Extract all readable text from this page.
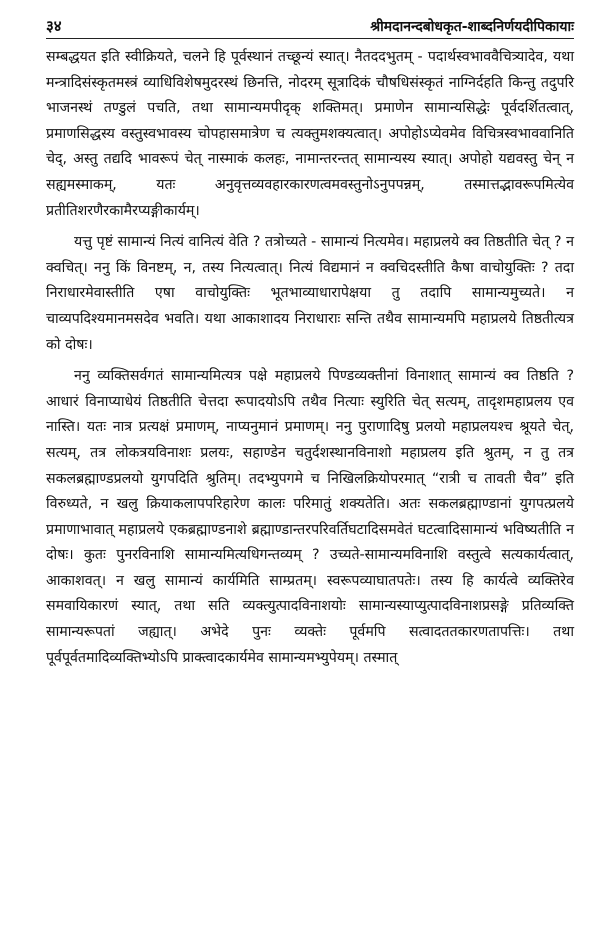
३४	श्रीमदानन्दबोधकृत-शाब्दनिर्णयदीपिकायाः

सम्बद्धयत इति स्वीक्रियते, चलने हि पूर्वस्थानं तच्छून्यं स्यात्। नैतददभुतम् - पदार्थस्वभाववैचित्र्यादेव, यथा मन्त्रादिसंस्कृतमस्त्रं व्याधिविशेषमुदरस्थं छिनत्ति, नोदरम् सूत्रादिकं चौषधिसंस्कृतं नाग्निर्दहति किन्तु तदुपरि भाजनस्थं तण्डुलं पचति, तथा सामान्यमपीदृक् शक्तिमत्। प्रमाणेन सामान्यसिद्धेः पूर्वदर्शितत्वात्, प्रमाणसिद्धस्य वस्तुस्वभावस्य चोपहासमात्रेण च त्यक्तुमशक्यत्वात्। अपोहोऽप्येवमेव विचित्रस्वभाववानिति चेद्, अस्तु तद्यदि भावरूपं चेत् नास्माकं कलहः, नामान्तरन्तत् सामान्यस्य स्यात्। अपोहो यद्यवस्तु चेन् न सह्यमस्माकम्, यतः अनुवृत्तव्यवहारकारणत्वमवस्तुनोऽनुपपन्नम्, तस्मात्तद्भावरूपमित्येव प्रतीतिशरणैरकामैरप्यङ्गीकार्यम्।

यत्तु पृष्टं सामान्यं नित्यं वानित्यं वेति ? तत्रोच्यते - सामान्यं नित्यमेव। महाप्रलये क्व तिष्ठतीति चेत् ? न क्वचित्। ननु किं विनष्टम्, न, तस्य नित्यत्वात्। नित्यं विद्यमानं न क्वचिदस्तीति कैषा वाचोयुक्तिः ? तदा निराधारमेवास्तीति एषा वाचोयुक्तिः भूतभाव्याधारापेक्षया तु तदापि सामान्यमुच्यते। न चाव्यपदिश्यमानमसदेव भवति। यथा आकाशादय निराधाराः सन्ति तथैव सामान्यमपि महाप्रलये तिष्ठतीत्यत्र को दोषः।

ननु व्यक्तिसर्वगतं सामान्यमित्यत्र पक्षे महाप्रलये पिण्डव्यक्तीनां विनाशात् सामान्यं क्व तिष्ठति ? आधारं विनाप्याधेयं तिष्ठतीति चेत्तदा रूपादयोऽपि तथैव नित्याः स्युरिति चेत् सत्यम्, तादृशमहाप्रलय एव नास्ति। यतः नात्र प्रत्यक्षं प्रमाणम्, नाप्यनुमानं प्रमाणम्। ननु पुराणादिषु प्रलयो महाप्रलयश्च श्रूयते चेत्, सत्यम्, तत्र लोकत्रयविनाशः प्रलयः, सहाण्डेन चतुर्दशस्थानविनाशो महाप्रलय इति श्रुतम्, न तु तत्र सकलब्रह्माण्डप्रलयो युगपदिति श्रुतिम्। तदभ्युपगमे च निखिलक्रियोपरमात् “रात्री च तावती चैव” इति विरुध्यते, न खलु क्रियाकलापपरिहारेण कालः परिमातुं शक्यतेति। अतः सकलब्रह्माण्डानां युगपत्प्रलये प्रमाणाभावात् महाप्रलये एकब्रह्माण्डनाशे ब्रह्माण्डान्तरपरिवर्तिघटादिसमवेतं घटत्वादिसामान्यं भविष्यतीति न दोषः। कुतः पुनरविनाशि सामान्यमित्यधिगन्तव्यम् ? उच्यते-सामान्यमविनाशि वस्तुत्वे सत्यकार्यत्वात्, आकाशवत्। न खलु सामान्यं कार्यमिति साम्प्रतम्। स्वरूपव्याघातपतेः। तस्य हि कार्यत्वे व्यक्तिरेव समवायिकारणं स्यात्, तथा सति व्यक्त्युत्पादविनाशयोः सामान्यस्याप्युत्पादविनाशप्रसङ्गे प्रतिव्यक्ति सामान्यरूपतां जह्यात्। अभेदे पुनः व्यक्तेः पूर्वमपि सत्वादततकारणतापत्तिः। तथा पूर्वपूर्वतमादिव्यक्तिभ्योऽपि प्राक्त्वादकार्यमेव सामान्यमभ्युपेयम्। तस्मात्
